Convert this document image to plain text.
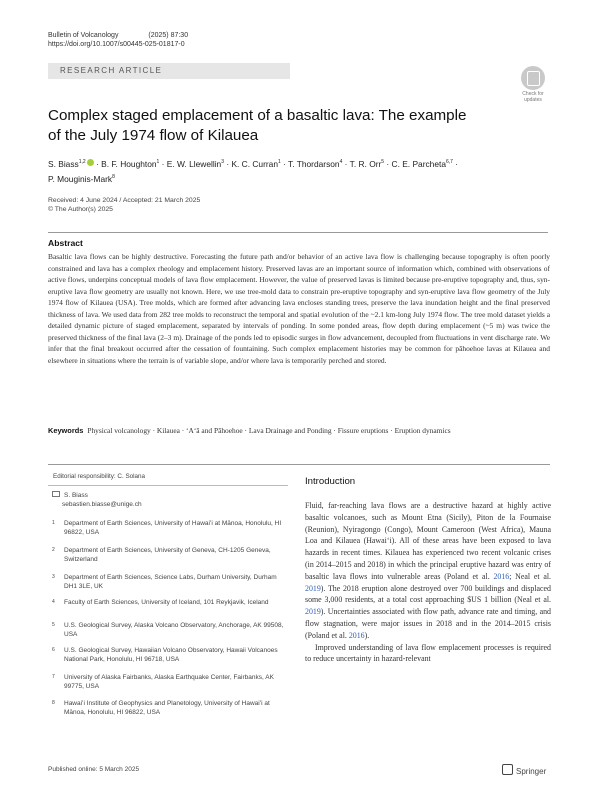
Bulletin of Volcanology	(2025) 87:30
https://doi.org/10.1007/s00445-025-01817-0
RESEARCH ARTICLE
Check for
updates
Complex staged emplacement of a basaltic lava: The example
of the July 1974 flow of Kilauea
S. Biass$^{1,2}$ · B. F. Houghton$^1$ · E. W. Llewellin$^3$ · K. C. Curran$^1$ · T. Thordarson$^4$ · T. R. Orr$^5$ · C. E. Parcheta$^{6,7}$ ·
P. Mouginis-Mark$^8$
Received: 4 June 2024 / Accepted: 21 March 2025
© The Author(s) 2025
Abstract
Basaltic lava flows can be highly destructive. Forecasting the future path and/or behavior of an active lava flow is challenging because topography is often poorly constrained and lava has a complex rheology and emplacement history. Preserved lavas are an important source of information which, combined with observations of active flows, underpins conceptual models of lava flow emplacement. However, the value of preserved lavas is limited because pre-eruptive topography and, thus, syn-eruptive lava flow geometry are usually not known. Here, we use tree-mold data to constrain pre-eruptive topography and syn-eruptive lava flow geometry of the July 1974 flow of Kilauea (USA). Tree molds, which are formed after advancing lava encloses standing trees, preserve the lava inundation height and the final preserved thickness of lava. We used data from 282 tree molds to reconstruct the temporal and spatial evolution of the ~2.1 km-long July 1974 flow. The tree mold dataset yields a detailed dynamic picture of staged emplacement, separated by intervals of ponding. In some ponded areas, flow depth during emplacement (~5 m) was twice the preserved thickness of the final lava (2–3 m). Drainage of the ponds led to episodic surges in flow advancement, decoupled from fluctuations in vent discharge rate. We infer that the final breakout occurred after the cessation of fountaining. Such complex emplacement histories may be common for pāhoehoe lavas at Kilauea and elsewhere in situations where the terrain is of variable slope, and/or where lava is temporarily perched and stored.
Keywords Physical volcanology · Kilauea · ʻAʻā and Pāhoehoe · Lava Drainage and Ponding · Fissure eruptions · Eruption dynamics
Editorial responsibility: C. Solana
S. Biass
sebastien.biasse@unige.ch
1 Department of Earth Sciences, University of Hawaiʻi at Mānoa, Honolulu, HI 96822, USA
2 Department of Earth Sciences, University of Geneva, CH-1205 Geneva, Switzerland
3 Department of Earth Sciences, Science Labs, Durham University, Durham DH1 3LE, UK
4 Faculty of Earth Sciences, University of Iceland, 101 Reykjavik, Iceland
5 U.S. Geological Survey, Alaska Volcano Observatory, Anchorage, AK 99508, USA
6 U.S. Geological Survey, Hawaiian Volcano Observatory, Hawaii Volcanoes National Park, Honolulu, HI 96718, USA
7 University of Alaska Fairbanks, Alaska Earthquake Center, Fairbanks, AK 99775, USA
8 Hawaiʻi Institute of Geophysics and Planetology, University of Hawaiʻi at Mānoa, Honolulu, HI 96822, USA
Introduction

Fluid, far-reaching lava flows are a destructive hazard at highly active basaltic volcanoes, such as Mount Etna (Sicily), Piton de la Fournaise (Reunion), Nyiragongo (Congo), Mount Cameroon (West Africa), Mauna Loa and Kilauea (Hawaiʻi). All of these areas have been exposed to lava hazards in recent times. Kilauea has experienced two recent volcanic crises (in 2014–2015 and 2018) in which the principal eruptive hazard was entry of basaltic lava flows into vulnerable areas (Poland et al. 2016; Neal et al. 2019). The 2018 eruption alone destroyed over 700 buildings and displaced some 3,000 residents, at a total cost approaching $US 1 billion (Neal et al. 2019). Uncertainties associated with flow path, advance rate and timing, and flow stagnation, were major issues in 2018 and in the 2014–2015 crisis (Poland et al. 2016).

Improved understanding of lava flow emplacement processes is required to reduce uncertainty in hazard-relevant

Published online: 5 March 2025	Springer
